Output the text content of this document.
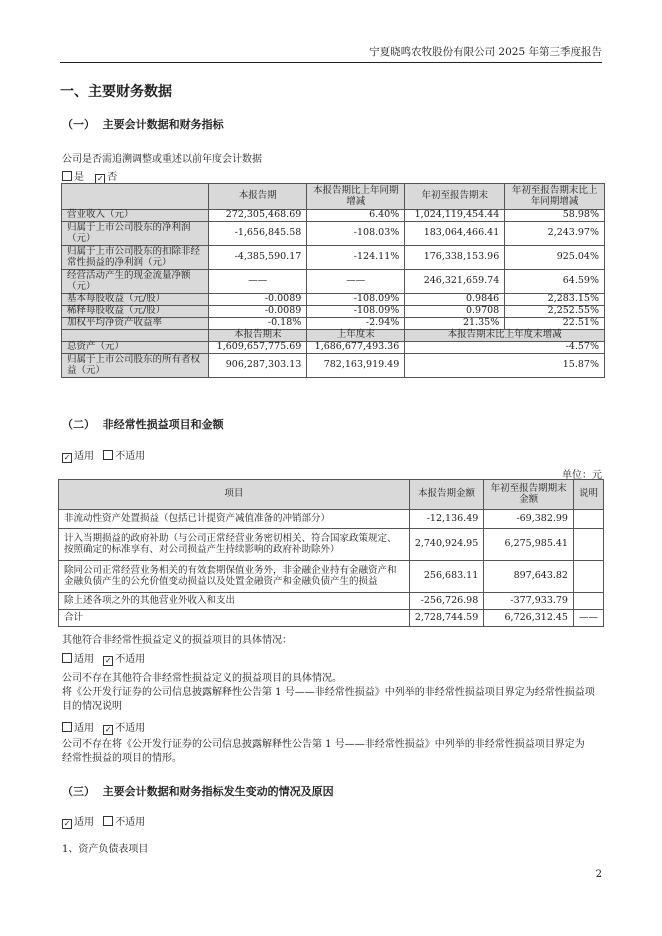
宁夏晓鸣农牧股份有限公司 2025 年第三季度报告
一、主要财务数据
（一）  主要会计数据和财务指标
公司是否需追溯调整或重述以前年度会计数据
是 ✓ 否
	本报告期	本报告期比上年同期增减	年初至报告期末	年初至报告期末比上年同期增减
营业收入（元）	272,305,468.69	6.40%	1,024,119,454.44	58.98%
归属于上市公司股东的净利润（元）	-1,656,845.58	-108.03%	183,064,466.41	2,243.97%
归属于上市公司股东的扣除非经常性损益的净利润（元）	-4,385,590.17	-124.11%	176,338,153.96	925.04%
经营活动产生的现金流量净额（元）	——	——	246,321,659.74	64.59%
基本每股收益（元/股）	-0.0089	-108.09%	0.9846	2,283.15%
稀释每股收益（元/股）	-0.0089	-108.09%	0.9708	2,252.55%
加权平均净资产收益率	-0.18%	-2.94%	21.35%	22.51%
	本报告期末	上年度末	本报告期末比上年度末增减	
总资产（元）	1,609,657,775.69	1,686,677,493.36	-4.57%	
归属于上市公司股东的所有者权益（元）	906,287,303.13	782,163,919.49	15.87%	
（二）  非经常性损益项目和金额
✓ 适用 不适用
单位：元
项目	本报告期金额	年初至报告期期末金额	说明
非流动性资产处置损益（包括已计提资产减值准备的冲销部分）	-12,136.49	-69,382.99	
计入当期损益的政府补助（与公司正常经营业务密切相关、符合国家政策规定、按照确定的标准享有、对公司损益产生持续影响的政府补助除外）	2,740,924.95	6,275,985.41	
除同公司正常经营业务相关的有效套期保值业务外，非金融企业持有金融资产和金融负债产生的公允价值变动损益以及处置金融资产和金融负债产生的损益	256,683.11	897,643.82	
除上述各项之外的其他营业外收入和支出	-256,726.98	-377,933.79	
合计	2,728,744.59	6,726,312.45	——
其他符合非经常性损益定义的损益项目的具体情况：
适用 ✓ 不适用
公司不存在其他符合非经常性损益定义的损益项目的具体情况。
将《公开发行证券的公司信息披露解释性公告第 1 号——非经常性损益》中列举的非经常性损益项目界定为经常性损益项目的情况说明
适用 ✓ 不适用
公司不存在将《公开发行证券的公司信息披露解释性公告第 1 号——非经常性损益》中列举的非经常性损益项目界定为经常性损益的项目的情形。
（三）  主要会计数据和财务指标发生变动的情况及原因
✓ 适用 不适用
1、资产负债表项目
2
